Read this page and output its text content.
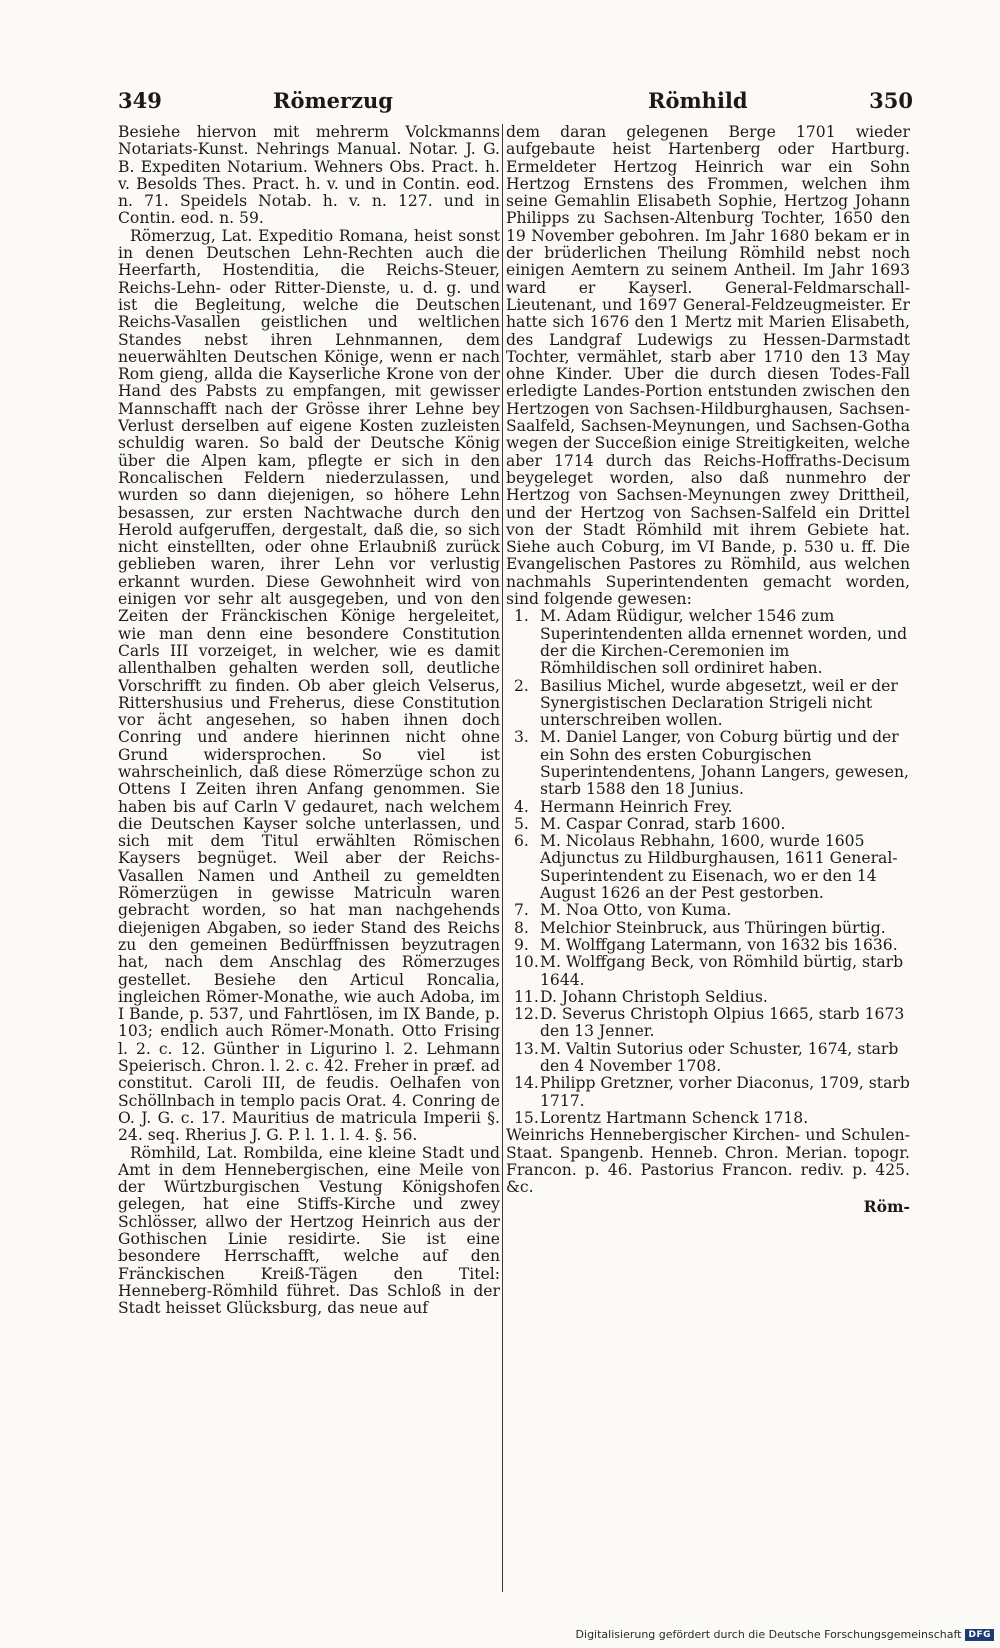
349	Römerzug	Römhild	350

Besiehe hiervon mit mehrerm Volckmanns Notariats-Kunst. Nehrings Manual. Notar. J. G. B. Expediten Notarium. Wehners Obs. Pract. h. v. Besolds Thes. Pract. h. v. und in Contin. eod. n. 71. Speidels Notab. h. v. n. 127. und in Contin. eod. n. 59.

Römerzug, Lat. Expeditio Romana, heist sonst in denen Deutschen Lehn-Rechten auch die Heerfarth, Hostenditia, die Reichs-Steuer, Reichs-Lehn- oder Ritter-Dienste, u. d. g. und ist die Begleitung, welche die Deutschen Reichs-Vasallen geistlichen und weltlichen Standes nebst ihren Lehnmannen, dem neuerwählten Deutschen Könige, wenn er nach Rom gieng, allda die Kayserliche Krone von der Hand des Pabsts zu empfangen, mit gewisser Mannschafft nach der Grösse ihrer Lehne bey Verlust derselben auf eigene Kosten zuzleisten schuldig waren. So bald der Deutsche König über die Alpen kam, pflegte er sich in den Roncalischen Feldern niederzulassen, und wurden so dann diejenigen, so höhere Lehn besassen, zur ersten Nachtwache durch den Herold aufgeruffen, dergestalt, daß die, so sich nicht einstellten, oder ohne Erlaubniß zurück geblieben waren, ihrer Lehn vor verlustig erkannt wurden. Diese Gewohnheit wird von einigen vor sehr alt ausgegeben, und von den Zeiten der Fränckischen Könige hergeleitet, wie man denn eine besondere Constitution Carls III vorzeiget, in welcher, wie es damit allenthalben gehalten werden soll, deutliche Vorschrifft zu finden. Ob aber gleich Velserus, Rittershusius und Freherus, diese Constitution vor ächt angesehen, so haben ihnen doch Conring und andere hierinnen nicht ohne Grund widersprochen. So viel ist wahrscheinlich, daß diese Römerzüge schon zu Ottens I Zeiten ihren Anfang genommen. Sie haben bis auf Carln V gedauret, nach welchem die Deutschen Kayser solche unterlassen, und sich mit dem Titul erwählten Römischen Kaysers begnüget. Weil aber der Reichs-Vasallen Namen und Antheil zu gemeldten Römerzügen in gewisse Matriculn waren gebracht worden, so hat man nachgehends diejenigen Abgaben, so ieder Stand des Reichs zu den gemeinen Bedürffnissen beyzutragen hat, nach dem Anschlag des Römerzuges gestellet. Besiehe den Articul Roncalia, ingleichen Römer-Monathe, wie auch Adoba, im I Bande, p. 537, und Fahrtlösen, im IX Bande, p. 103; endlich auch Römer-Monath. Otto Frising l. 2. c. 12. Günther in Ligurino l. 2. Lehmann Speierisch. Chron. l. 2. c. 42. Freher in præf. ad constitut. Caroli III, de feudis. Oelhafen von Schöllnbach in templo pacis Orat. 4. Conring de O. J. G. c. 17. Mauritius de matricula Imperii §. 24. seq. Rherius J. G. P. l. 1. l. 4. §. 56.

Römhild, Lat. Rombilda, eine kleine Stadt und Amt in dem Hennebergischen, eine Meile von der Würtzburgischen Vestung Königshofen gelegen, hat eine Stiffs-Kirche und zwey Schlösser, allwo der Hertzog Heinrich aus der Gothischen Linie residirte. Sie ist eine besondere Herrschafft, welche auf den Fränckischen Kreiß-Tägen den Titel: Henneberg-Römhild führet. Das Schloß in der Stadt heisset Glücksburg, das neue auf

dem daran gelegenen Berge 1701 wieder aufgebaute heist Hartenberg oder Hartburg. Ermeldeter Hertzog Heinrich war ein Sohn Hertzog Ernstens des Frommen, welchen ihm seine Gemahlin Elisabeth Sophie, Hertzog Johann Philipps zu Sachsen-Altenburg Tochter, 1650 den 19 November gebohren. Im Jahr 1680 bekam er in der brüderlichen Theilung Römhild nebst noch einigen Aemtern zu seinem Antheil. Im Jahr 1693 ward er Kayserl. General-Feldmarschall-Lieutenant, und 1697 General-Feldzeugmeister. Er hatte sich 1676 den 1 Mertz mit Marien Elisabeth, des Landgraf Ludewigs zu Hessen-Darmstadt Tochter, vermählet, starb aber 1710 den 13 May ohne Kinder. Uber die durch diesen Todes-Fall erledigte Landes-Portion entstunden zwischen den Hertzogen von Sachsen-Hildburghausen, Sachsen-Saalfeld, Sachsen-Meynungen, und Sachsen-Gotha wegen der Succeßion einige Streitigkeiten, welche aber 1714 durch das Reichs-Hoffraths-Decisum beygeleget worden, also daß nunmehro der Hertzog von Sachsen-Meynungen zwey Drittheil, und der Hertzog von Sachsen-Salfeld ein Drittel von der Stadt Römhild mit ihrem Gebiete hat. Siehe auch Coburg, im VI Bande, p. 530 u. ff. Die Evangelischen Pastores zu Römhild, aus welchen nachmahls Superintendenten gemacht worden, sind folgende gewesen:

1. M. Adam Rüdigur, welcher 1546 zum Superintendenten allda ernennet worden, und der die Kirchen-Ceremonien im Römhildischen soll ordiniret haben.
2. Basilius Michel, wurde abgesetzt, weil er der Synergistischen Declaration Strigeli nicht unterschreiben wollen.
3. M. Daniel Langer, von Coburg bürtig und der ein Sohn des ersten Coburgischen Superintendentens, Johann Langers, gewesen, starb 1588 den 18 Junius.
4. Hermann Heinrich Frey.
5. M. Caspar Conrad, starb 1600.
6. M. Nicolaus Rebhahn, 1600, wurde 1605 Adjunctus zu Hildburghausen, 1611 General-Superintendent zu Eisenach, wo er den 14 August 1626 an der Pest gestorben.
7. M. Noa Otto, von Kuma.
8. Melchior Steinbruck, aus Thüringen bürtig.
9. M. Wolffgang Latermann, von 1632 bis 1636.
10. M. Wolffgang Beck, von Römhild bürtig, starb 1644.
11. D. Johann Christoph Seldius.
12. D. Severus Christoph Olpius 1665, starb 1673 den 13 Jenner.
13. M. Valtin Sutorius oder Schuster, 1674, starb den 4 November 1708.
14. Philipp Gretzner, vorher Diaconus, 1709, starb 1717.
15. Lorentz Hartmann Schenck 1718.

Weinrichs Hennebergischer Kirchen- und Schulen-Staat. Spangenb. Henneb. Chron. Merian. topogr. Francon. p. 46. Pastorius Francon. rediv. p. 425. &c.

Röm-

Digitalisierung gefördert durch die Deutsche Forschungsgemeinschaft DFG
